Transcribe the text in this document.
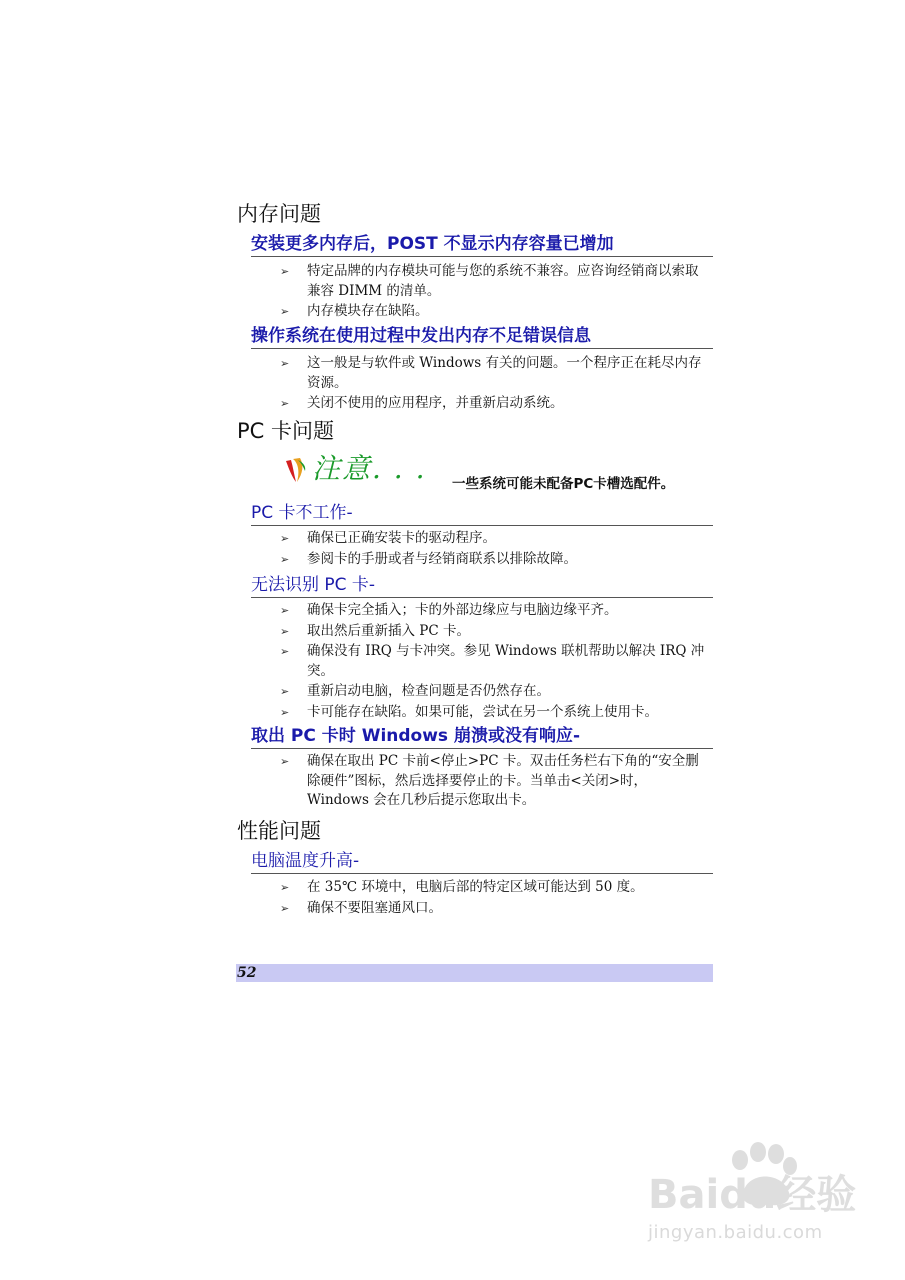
内存问题
安装更多内存后，POST 不显示内存容量已增加
➢
特定品牌的内存模块可能与您的系统不兼容。应咨询经销商以索取兼容 DIMM 的清单。
➢
内存模块存在缺陷。
操作系统在使用过程中发出内存不足错误信息
➢
这一般是与软件或 Windows 有关的问题。一个程序正在耗尽内存资源。
➢
关闭不使用的应用程序，并重新启动系统。
PC 卡问题
注意. . . 一些系统可能未配备PC卡槽选配件。
PC 卡不工作-
➢
确保已正确安装卡的驱动程序。
➢
参阅卡的手册或者与经销商联系以排除故障。
无法识别 PC 卡-
➢
确保卡完全插入；卡的外部边缘应与电脑边缘平齐。
➢
取出然后重新插入 PC 卡。
➢
确保没有 IRQ 与卡冲突。参见 Windows 联机帮助以解决 IRQ 冲突。
➢
重新启动电脑，检查问题是否仍然存在。
➢
卡可能存在缺陷。如果可能，尝试在另一个系统上使用卡。
取出 PC 卡时 Windows 崩溃或没有响应-
➢
确保在取出 PC 卡前<停止>PC 卡。双击任务栏右下角的“安全删除硬件”图标，然后选择要停止的卡。当单击<关闭>时，Windows 会在几秒后提示您取出卡。
性能问题
电脑温度升高-
➢
在 35℃ 环境中，电脑后部的特定区域可能达到 50 度。
➢
确保不要阻塞通风口。
52
Baidu经验
jingyan.baidu.com
